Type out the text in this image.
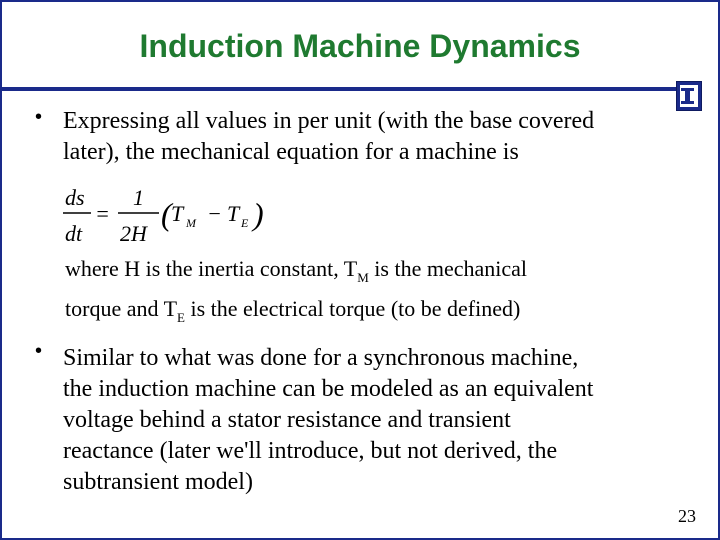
Induction Machine Dynamics
• Expressing all values in per unit (with the base covered
later), the mechanical equation for a machine is
ds
dt
=
1
2H
( T M − T E )
where H is the inertia constant, $T_M$ is the mechanical
torque and $T_E$ is the electrical torque (to be defined)
• Similar to what was done for a synchronous machine,
the induction machine can be modeled as an equivalent
voltage behind a stator resistance and transient
reactance (later we'll introduce, but not derived, the
subtransient model)
23
